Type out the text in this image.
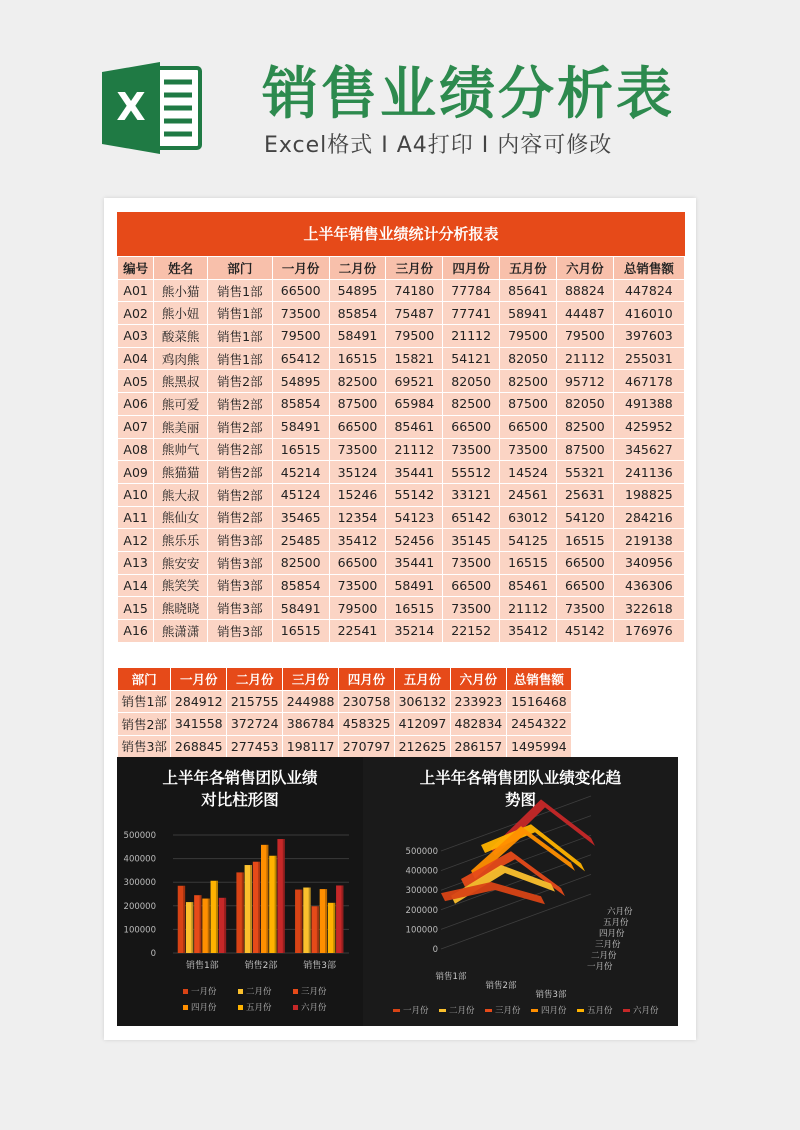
X 销售业绩分析表
Excel格式 I A4打印 I 内容可修改
上半年销售业绩统计分析报表
编号	姓名	部门	一月份	二月份	三月份	四月份	五月份	六月份	总销售额
A01	熊小猫	销售1部	66500	54895	74180	77784	85641	88824	447824
A02	熊小妞	销售1部	73500	85854	75487	77741	58941	44487	416010
A03	酸菜熊	销售1部	79500	58491	79500	21112	79500	79500	397603
A04	鸡肉熊	销售1部	65412	16515	15821	54121	82050	21112	255031
A05	熊黑叔	销售2部	54895	82500	69521	82050	82500	95712	467178
A06	熊可爱	销售2部	85854	87500	65984	82500	87500	82050	491388
A07	熊美丽	销售2部	58491	66500	85461	66500	66500	82500	425952
A08	熊帅气	销售2部	16515	73500	21112	73500	73500	87500	345627
A09	熊猫猫	销售2部	45214	35124	35441	55512	14524	55321	241136
A10	熊大叔	销售2部	45124	15246	55142	33121	24561	25631	198825
A11	熊仙女	销售2部	35465	12354	54123	65142	63012	54120	284216
A12	熊乐乐	销售3部	25485	35412	52456	35145	54125	16515	219138
A13	熊安安	销售3部	82500	66500	35441	73500	16515	66500	340956
A14	熊笑笑	销售3部	85854	73500	58491	66500	85461	66500	436306
A15	熊晓晓	销售3部	58491	79500	16515	73500	21112	73500	322618
A16	熊潇潇	销售3部	16515	22541	35214	22152	35412	45142	176976
部门	一月份	二月份	三月份	四月份	五月份	六月份	总销售额
销售1部	284912	215755	244988	230758	306132	233923	1516468
销售2部	341558	372724	386784	458325	412097	482834	2454322
销售3部	268845	277453	198117	270797	212625	286157	1495994
上半年各销售团队业绩
对比柱形图
500000
400000
300000
200000
100000
0
销售1部	销售2部	销售3部
一月份	二月份	三月份
四月份	五月份	六月份
上半年各销售团队业绩变化趋
势图
500000
400000
300000
200000
100000
0
销售1部
销售2部
销售3部
六月份
五月份
四月份
三月份
二月份
一月份
一月份 二月份 三月份 四月份 五月份 六月份
